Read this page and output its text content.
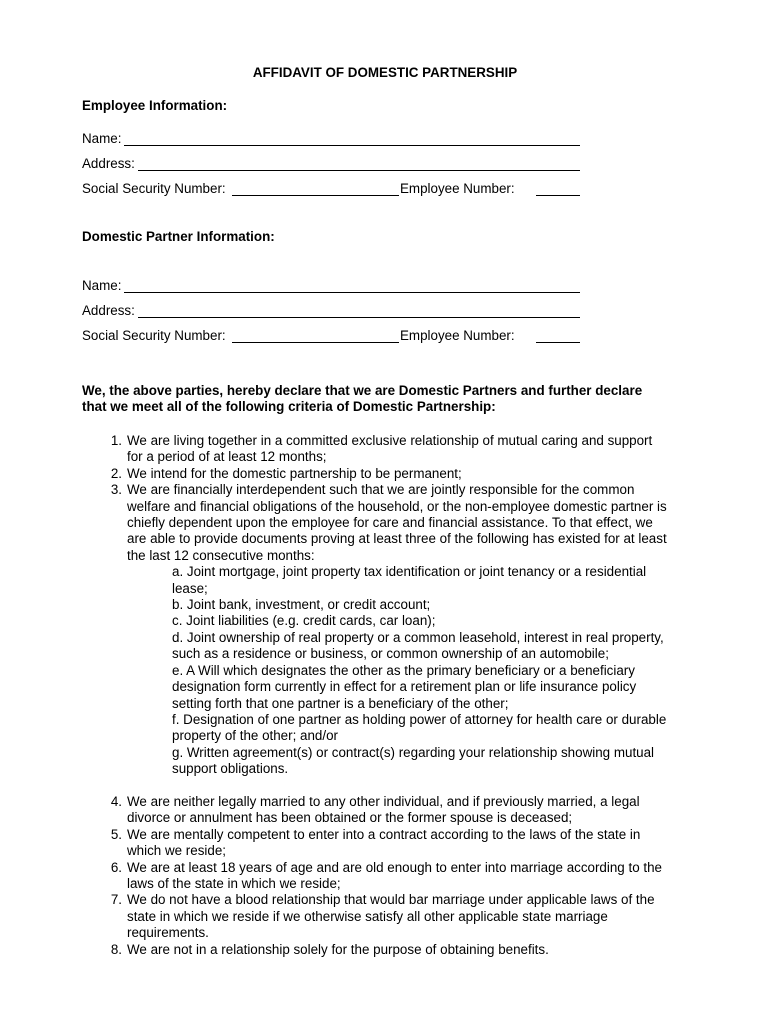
AFFIDAVIT OF DOMESTIC PARTNERSHIP
Employee Information:
Name:
Address:
Social Security Number:	Employee Number:
Domestic Partner Information:
Name:
Address:
Social Security Number:	Employee Number:
We, the above parties, hereby declare that we are Domestic Partners and further declare
that we meet all of the following criteria of Domestic Partnership:
1. We are living together in a committed exclusive relationship of mutual caring and support
for a period of at least 12 months;
2. We intend for the domestic partnership to be permanent;
3. We are financially interdependent such that we are jointly responsible for the common
welfare and financial obligations of the household, or the non-employee domestic partner is
chiefly dependent upon the employee for care and financial assistance. To that effect, we
are able to provide documents proving at least three of the following has existed for at least
the last 12 consecutive months:
a. Joint mortgage, joint property tax identification or joint tenancy or a residential
lease;
b. Joint bank, investment, or credit account;
c. Joint liabilities (e.g. credit cards, car loan);
d. Joint ownership of real property or a common leasehold, interest in real property,
such as a residence or business, or common ownership of an automobile;
e. A Will which designates the other as the primary beneficiary or a beneficiary
designation form currently in effect for a retirement plan or life insurance policy
setting forth that one partner is a beneficiary of the other;
f. Designation of one partner as holding power of attorney for health care or durable
property of the other; and/or
g. Written agreement(s) or contract(s) regarding your relationship showing mutual
support obligations.
4. We are neither legally married to any other individual, and if previously married, a legal
divorce or annulment has been obtained or the former spouse is deceased;
5. We are mentally competent to enter into a contract according to the laws of the state in
which we reside;
6. We are at least 18 years of age and are old enough to enter into marriage according to the
laws of the state in which we reside;
7. We do not have a blood relationship that would bar marriage under applicable laws of the
state in which we reside if we otherwise satisfy all other applicable state marriage
requirements.
8. We are not in a relationship solely for the purpose of obtaining benefits.
